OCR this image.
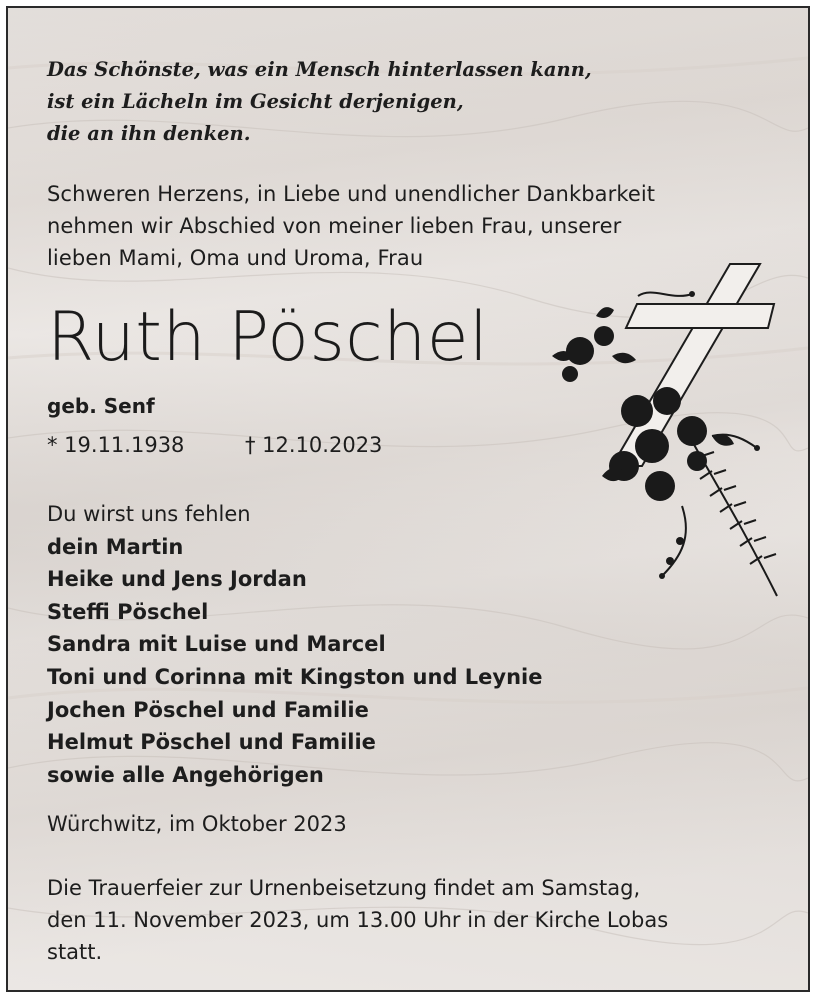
Das Schönste, was ein Mensch hinterlassen kann,
ist ein Lächeln im Gesicht derjenigen,
die an ihn denken.
Schweren Herzens, in Liebe und unendlicher Dankbarkeit
nehmen wir Abschied von meiner lieben Frau, unserer
lieben Mami, Oma und Uroma, Frau
Ruth Pöschel
geb. Senf
* 19.11.1938	† 12.10.2023
Du wirst uns fehlen
dein Martin
Heike und Jens Jordan
Steffi Pöschel
Sandra mit Luise und Marcel
Toni und Corinna mit Kingston und Leynie
Jochen Pöschel und Familie
Helmut Pöschel und Familie
sowie alle Angehörigen
Würchwitz, im Oktober 2023
Die Trauerfeier zur Urnenbeisetzung findet am Samstag,
den 11. November 2023, um 13.00 Uhr in der Kirche Lobas
statt.
